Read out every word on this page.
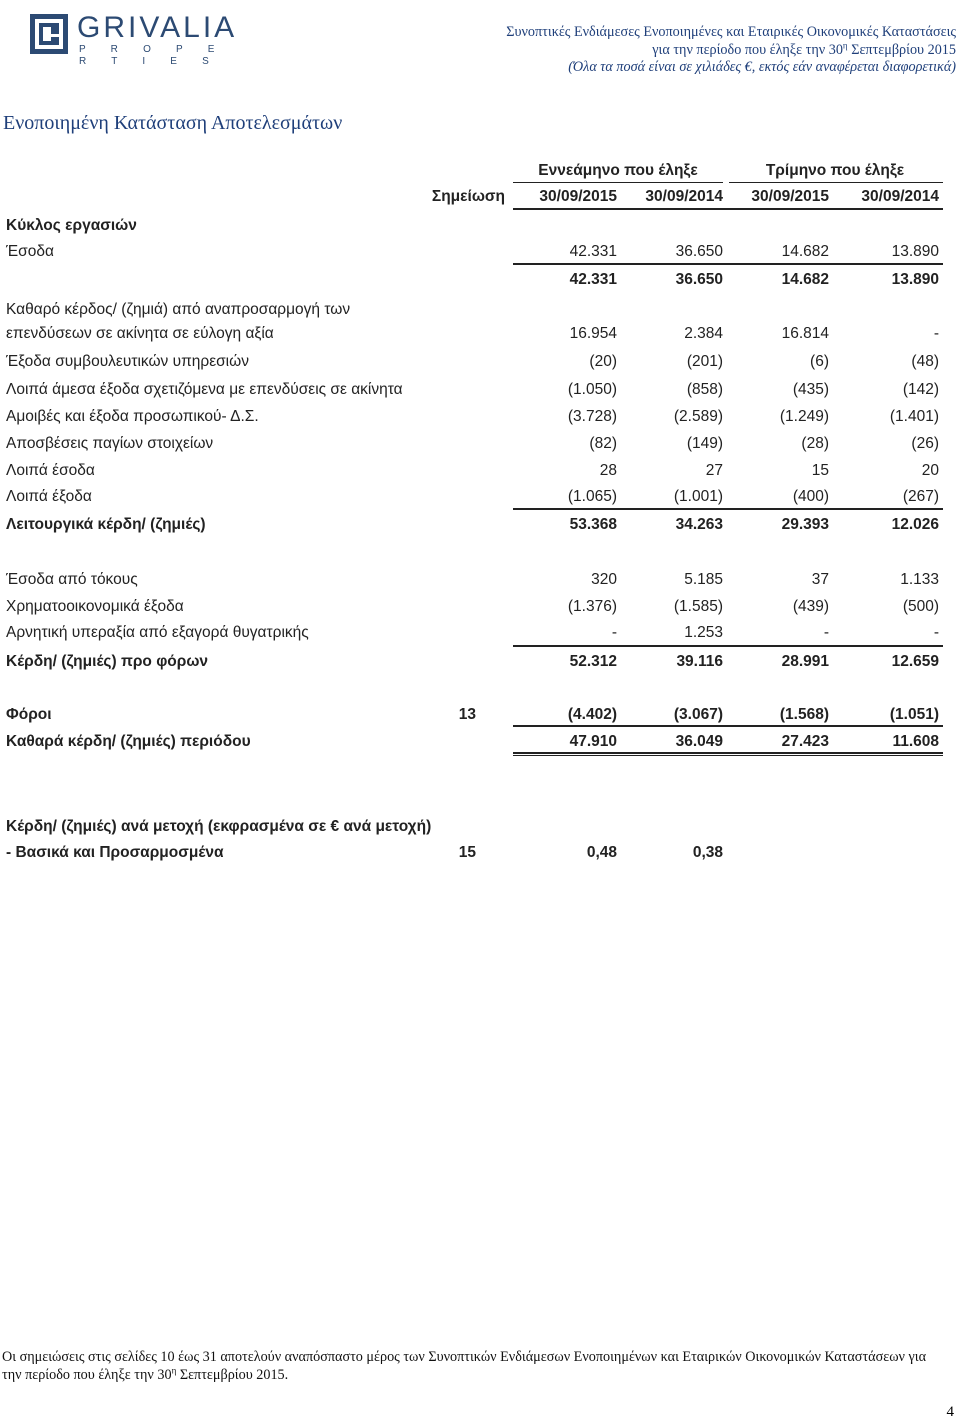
GRIVALIA
P R O P E R T I E S
Συνοπτικές Ενδιάμεσες Ενοποιημένες και Εταιρικές Οικονομικές Καταστάσεις
για την περίοδο που έληξε την $30^\eta$ Σεπτεμβρίου 2015
(Όλα τα ποσά είναι σε χιλιάδες €, εκτός εάν αναφέρεται διαφορετικά)
Ενοποιημένη Κατάσταση Αποτελεσμάτων
Εννεάμηνο που έληξε	Τρίμηνο που έληξε
Σημείωση 30/09/2015 30/09/2014 30/09/2015 30/09/2014
Κύκλος εργασιών
Έσοδα	42.331	36.650	14.682	13.890
42.331	36.650	14.682	13.890
Καθαρό κέρδος/ (ζημιά) από αναπροσαρμογή των
επενδύσεων σε ακίνητα σε εύλογη αξία	16.954	2.384	16.814	-
Έξοδα συμβουλευτικών υπηρεσιών	(20)	(201)	(6)	(48)
Λοιπά άμεσα έξοδα σχετιζόμενα με επενδύσεις σε ακίνητα	(1.050)	(858)	(435)	(142)
Αμοιβές και έξοδα προσωπικού- Δ.Σ.	(3.728)	(2.589)	(1.249)	(1.401)
Αποσβέσεις παγίων στοιχείων	(82)	(149)	(28)	(26)
Λοιπά έσοδα	28	27	15	20
Λοιπά έξοδα	(1.065)	(1.001)	(400)	(267)
Λειτουργικά κέρδη/ (ζημιές)	53.368	34.263	29.393	12.026
Έσοδα από τόκους	320	5.185	37	1.133
Χρηματοοικονομικά έξοδα	(1.376)	(1.585)	(439)	(500)
Αρνητική υπεραξία από εξαγορά θυγατρικής	-	1.253	-	-
Κέρδη/ (ζημιές) προ φόρων	52.312	39.116	28.991	12.659
Φόροι	13	(4.402)	(3.067)	(1.568)	(1.051)
Καθαρά κέρδη/ (ζημιές) περιόδου	47.910	36.049	27.423	11.608
Κέρδη/ (ζημιές) ανά μετοχή (εκφρασμένα σε € ανά μετοχή)
- Βασικά και Προσαρμοσμένα	15	0,48	0,38
Οι σημειώσεις στις σελίδες 10 έως 31 αποτελούν αναπόσπαστο μέρος των Συνοπτικών Ενδιάμεσων Ενοποιημένων και Εταιρικών Οικονομικών Καταστάσεων για
την περίοδο που έληξε την $30^\eta$ Σεπτεμβρίου 2015.
4
